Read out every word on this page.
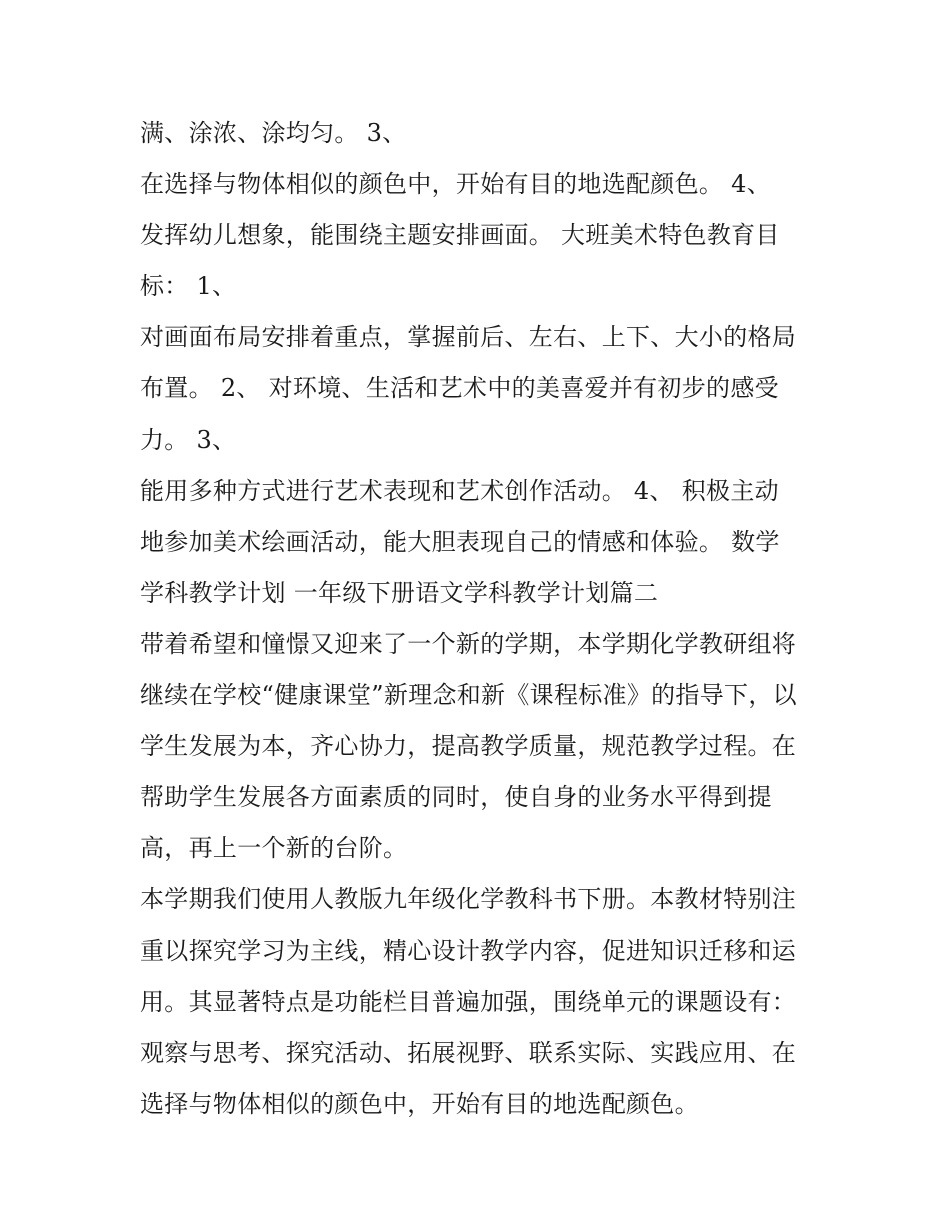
满、涂浓、涂均匀。 3、
在选择与物体相似的颜色中，开始有目的地选配颜色。 4、
发挥幼儿想象，能围绕主题安排画面。 大班美术特色教育目
标： 1、
对画面布局安排着重点，掌握前后、左右、上下、大小的格局
布置。 2、 对环境、生活和艺术中的美喜爱并有初步的感受
力。 3、
能用多种方式进行艺术表现和艺术创作活动。 4、 积极主动
地参加美术绘画活动，能大胆表现自己的情感和体验。 数学
学科教学计划 一年级下册语文学科教学计划篇二
带着希望和憧憬又迎来了一个新的学期，本学期化学教研组将
继续在学校“健康课堂”新理念和新《课程标准》的指导下，以
学生发展为本，齐心协力，提高教学质量，规范教学过程。在
帮助学生发展各方面素质的同时，使自身的业务水平得到提
高，再上一个新的台阶。
本学期我们使用人教版九年级化学教科书下册。本教材特别注
重以探究学习为主线，精心设计教学内容，促进知识迁移和运
用。其显著特点是功能栏目普遍加强，围绕单元的课题设有：
观察与思考、探究活动、拓展视野、联系实际、实践应用、在
选择与物体相似的颜色中，开始有目的地选配颜色。
